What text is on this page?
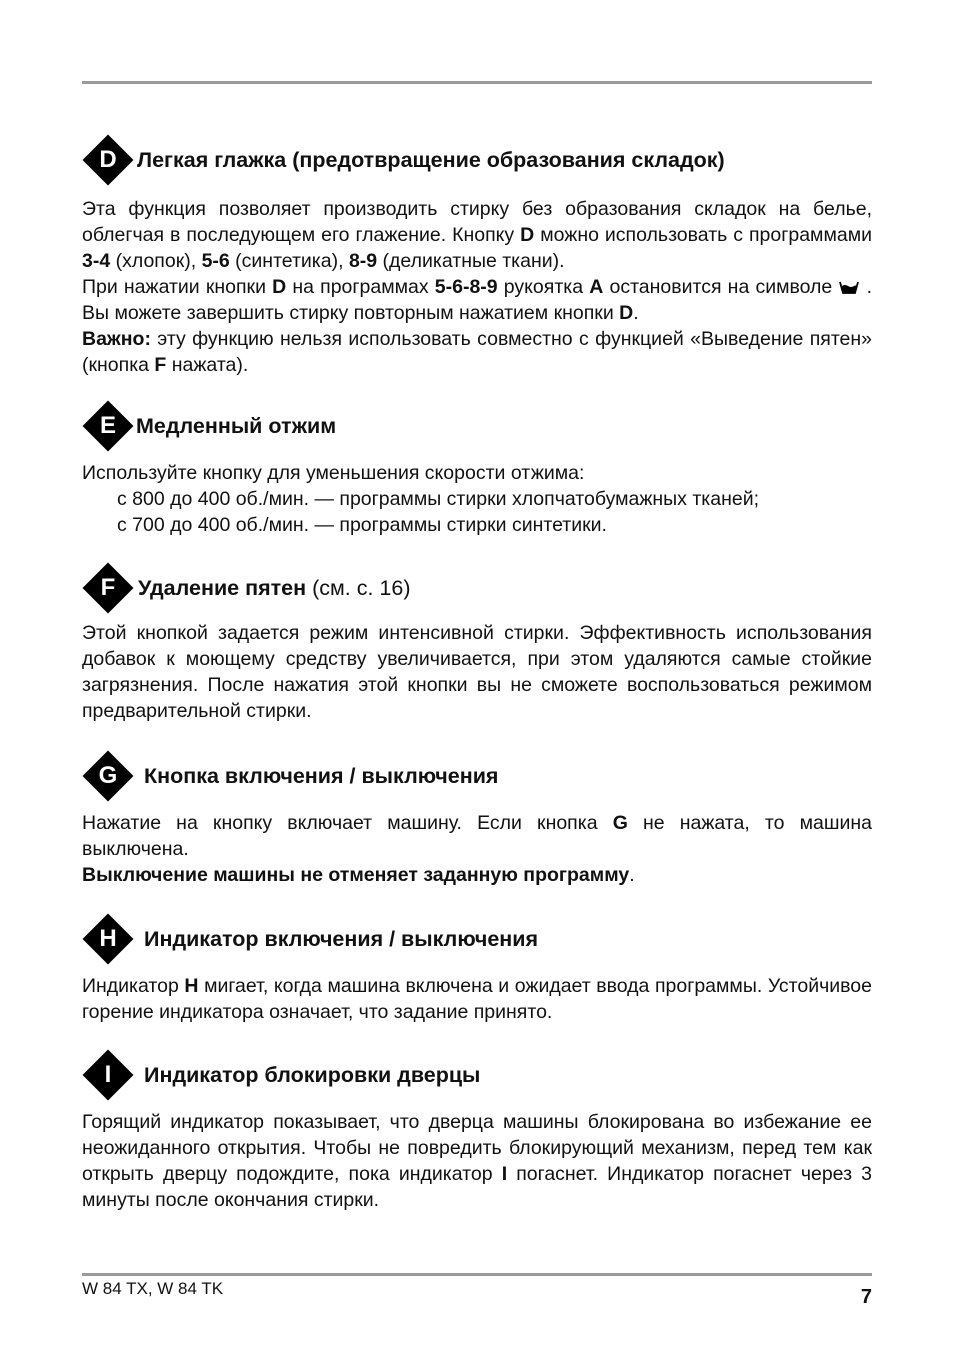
D Легкая глажка (предотвращение образования складок)

Эта функция позволяет производить стирку без образования складок на белье, облегчая в последующем его глажение. Кнопку D можно использовать с программами 3-4 (хлопок), 5-6 (синтетика), 8-9 (деликатные ткани).

При нажатии кнопки D на программах 5-6-8-9 рукоятка A остановится на символе  . Вы можете завершить стирку повторным нажатием кнопки D.

Важно: эту функцию нельзя использовать совместно с функцией «Выведение пятен» (кнопка F нажата).

E Медленный отжим

Используйте кнопку для уменьшения скорости отжима:

с 800 до 400 об./мин. — программы стирки хлопчатобумажных тканей;
с 700 до 400 об./мин. — программы стирки синтетики.
F	Удаление пятен (см. с. 16)

Этой кнопкой задается режим интенсивной стирки. Эффективность использования добавок к моющему средству увеличивается, при этом удаляются самые стойкие загрязнения. После нажатия этой кнопки вы не сможете воспользоваться режимом предварительной стирки.

G	Кнопка включения / выключения

Нажатие на кнопку включает машину. Если кнопка G не нажата, то машина выключена.

Выключение машины не отменяет заданную программу.

H	Индикатор включения / выключения

Индикатор H мигает, когда машина включена и ожидает ввода программы. Устойчивое горение индикатора означает, что задание принято.

I	Индикатор блокировки дверцы

Горящий индикатор показывает, что дверца машины блокирована во избежание ее неожиданного открытия. Чтобы не повредить блокирующий механизм, перед тем как открыть дверцу подождите, пока индикатор I погаснет. Индикатор погаснет через 3 минуты после окончания стирки.

W 84 TX, W 84 TK	7
